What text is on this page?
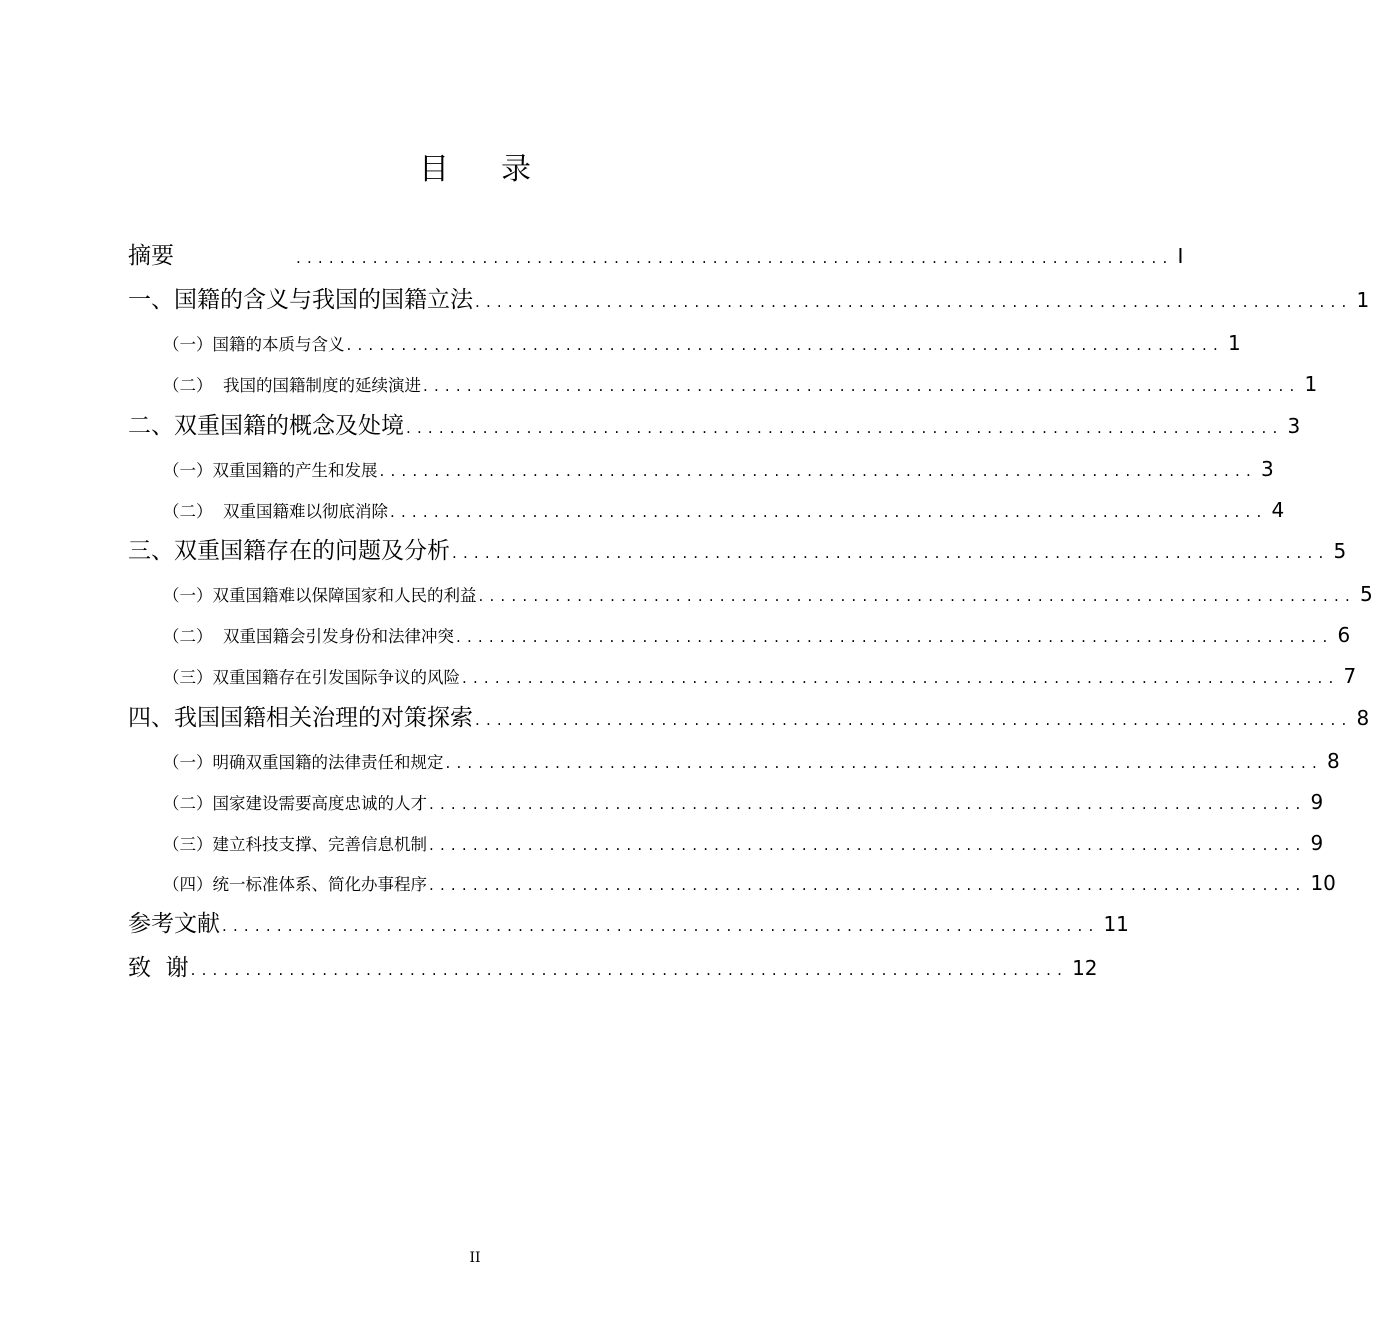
目录
摘要	................................................................................ I
一、国籍的含义与我国的国籍立法 ................................................................................ 1
（一）国籍的本质与含义 ................................................................................ 1
（二）  我国的国籍制度的延续演进 ................................................................................ 1
二、双重国籍的概念及处境 ................................................................................ 3
（一）双重国籍的产生和发展 ................................................................................ 3
（二）  双重国籍难以彻底消除 ................................................................................ 4
三、双重国籍存在的问题及分析 ................................................................................ 5
（一）双重国籍难以保障国家和人民的利益 ................................................................................ 5
（二）  双重国籍会引发身份和法律冲突 ................................................................................ 6
（三）双重国籍存在引发国际争议的风险 ................................................................................ 7
四、我国国籍相关治理的对策探索 ................................................................................ 8
（一）明确双重国籍的法律责任和规定 ................................................................................ 8
（二）国家建设需要高度忠诚的人才 ................................................................................ 9
（三）建立科技支撑、完善信息机制 ................................................................................ 9
（四）统一标准体系、简化办事程序 ................................................................................ 10
参考文献 ................................................................................ 11
致  谢 ................................................................................ 12
II
